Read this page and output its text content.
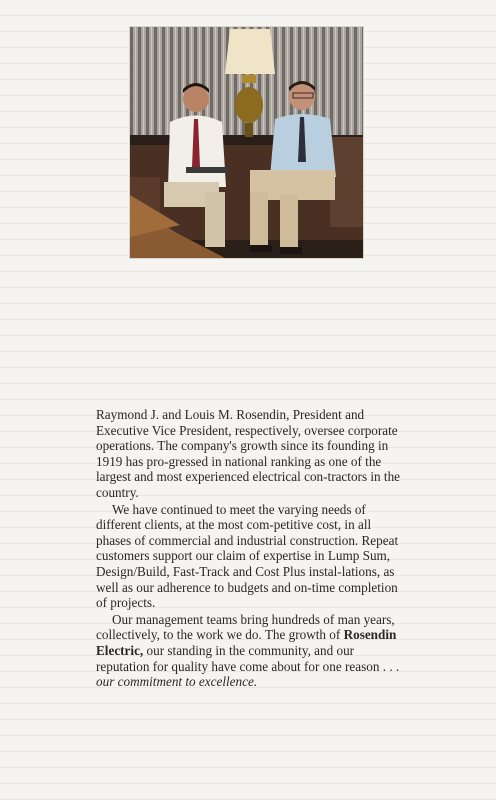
Raymond J. and Louis M. Rosendin, President and Executive Vice President, respectively, oversee corporate operations. The company's growth since its founding in 1919 has pro-gressed in national ranking as one of the largest and most experienced electrical con-tractors in the country.

We have continued to meet the varying needs of different clients, at the most com-petitive cost, in all phases of commercial and industrial construction. Repeat customers support our claim of expertise in Lump Sum, Design/Build, Fast-Track and Cost Plus instal-lations, as well as our adherence to budgets and on-time completion of projects.

Our management teams bring hundreds of man years, collectively, to the work we do. The growth of Rosendin Electric, our standing in the community, and our reputation for quality have come about for one reason . . . our commitment to excellence.
